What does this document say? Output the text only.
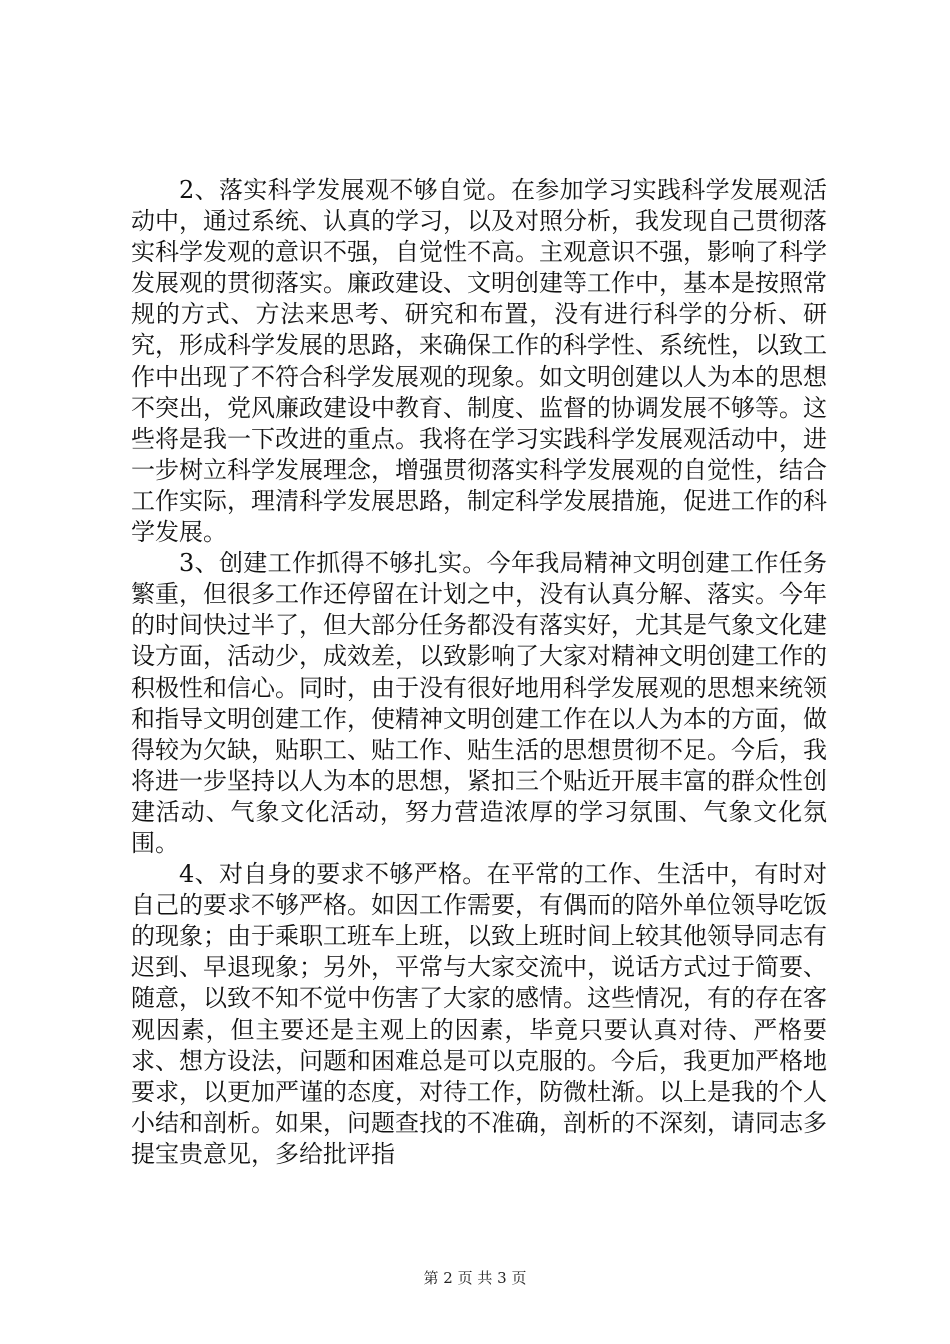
2、落实科学发展观不够自觉。在参加学习实践科学发展观活动中，通过系统、认真的学习，以及对照分析，我发现自己贯彻落实科学发观的意识不强，自觉性不高。主观意识不强，影响了科学发展观的贯彻落实。廉政建设、文明创建等工作中，基本是按照常规的方式、方法来思考、研究和布置，没有进行科学的分析、研究，形成科学发展的思路，来确保工作的科学性、系统性，以致工作中出现了不符合科学发展观的现象。如文明创建以人为本的思想不突出，党风廉政建设中教育、制度、监督的协调发展不够等。这些将是我一下改进的重点。我将在学习实践科学发展观活动中，进一步树立科学发展理念，增强贯彻落实科学发展观的自觉性，结合工作实际，理清科学发展思路，制定科学发展措施，促进工作的科学发展。

3、创建工作抓得不够扎实。今年我局精神文明创建工作任务繁重，但很多工作还停留在计划之中，没有认真分解、落实。今年的时间快过半了，但大部分任务都没有落实好，尤其是气象文化建设方面，活动少，成效差，以致影响了大家对精神文明创建工作的积极性和信心。同时，由于没有很好地用科学发展观的思想来统领和指导文明创建工作，使精神文明创建工作在以人为本的方面，做得较为欠缺，贴职工、贴工作、贴生活的思想贯彻不足。今后，我将进一步坚持以人为本的思想，紧扣三个贴近开展丰富的群众性创建活动、气象文化活动，努力营造浓厚的学习氛围、气象文化氛围。

4、对自身的要求不够严格。在平常的工作、生活中，有时对自己的要求不够严格。如因工作需要，有偶而的陪外单位领导吃饭的现象；由于乘职工班车上班，以致上班时间上较其他领导同志有迟到、早退现象；另外，平常与大家交流中，说话方式过于简要、随意，以致不知不觉中伤害了大家的感情。这些情况，有的存在客观因素，但主要还是主观上的因素，毕竟只要认真对待、严格要求、想方设法，问题和困难总是可以克服的。今后，我更加严格地要求，以更加严谨的态度，对待工作，防微杜渐。以上是我的个人小结和剖析。如果，问题查找的不准确，剖析的不深刻，请同志多提宝贵意见，多给批评指

第 2 页 共 3 页
